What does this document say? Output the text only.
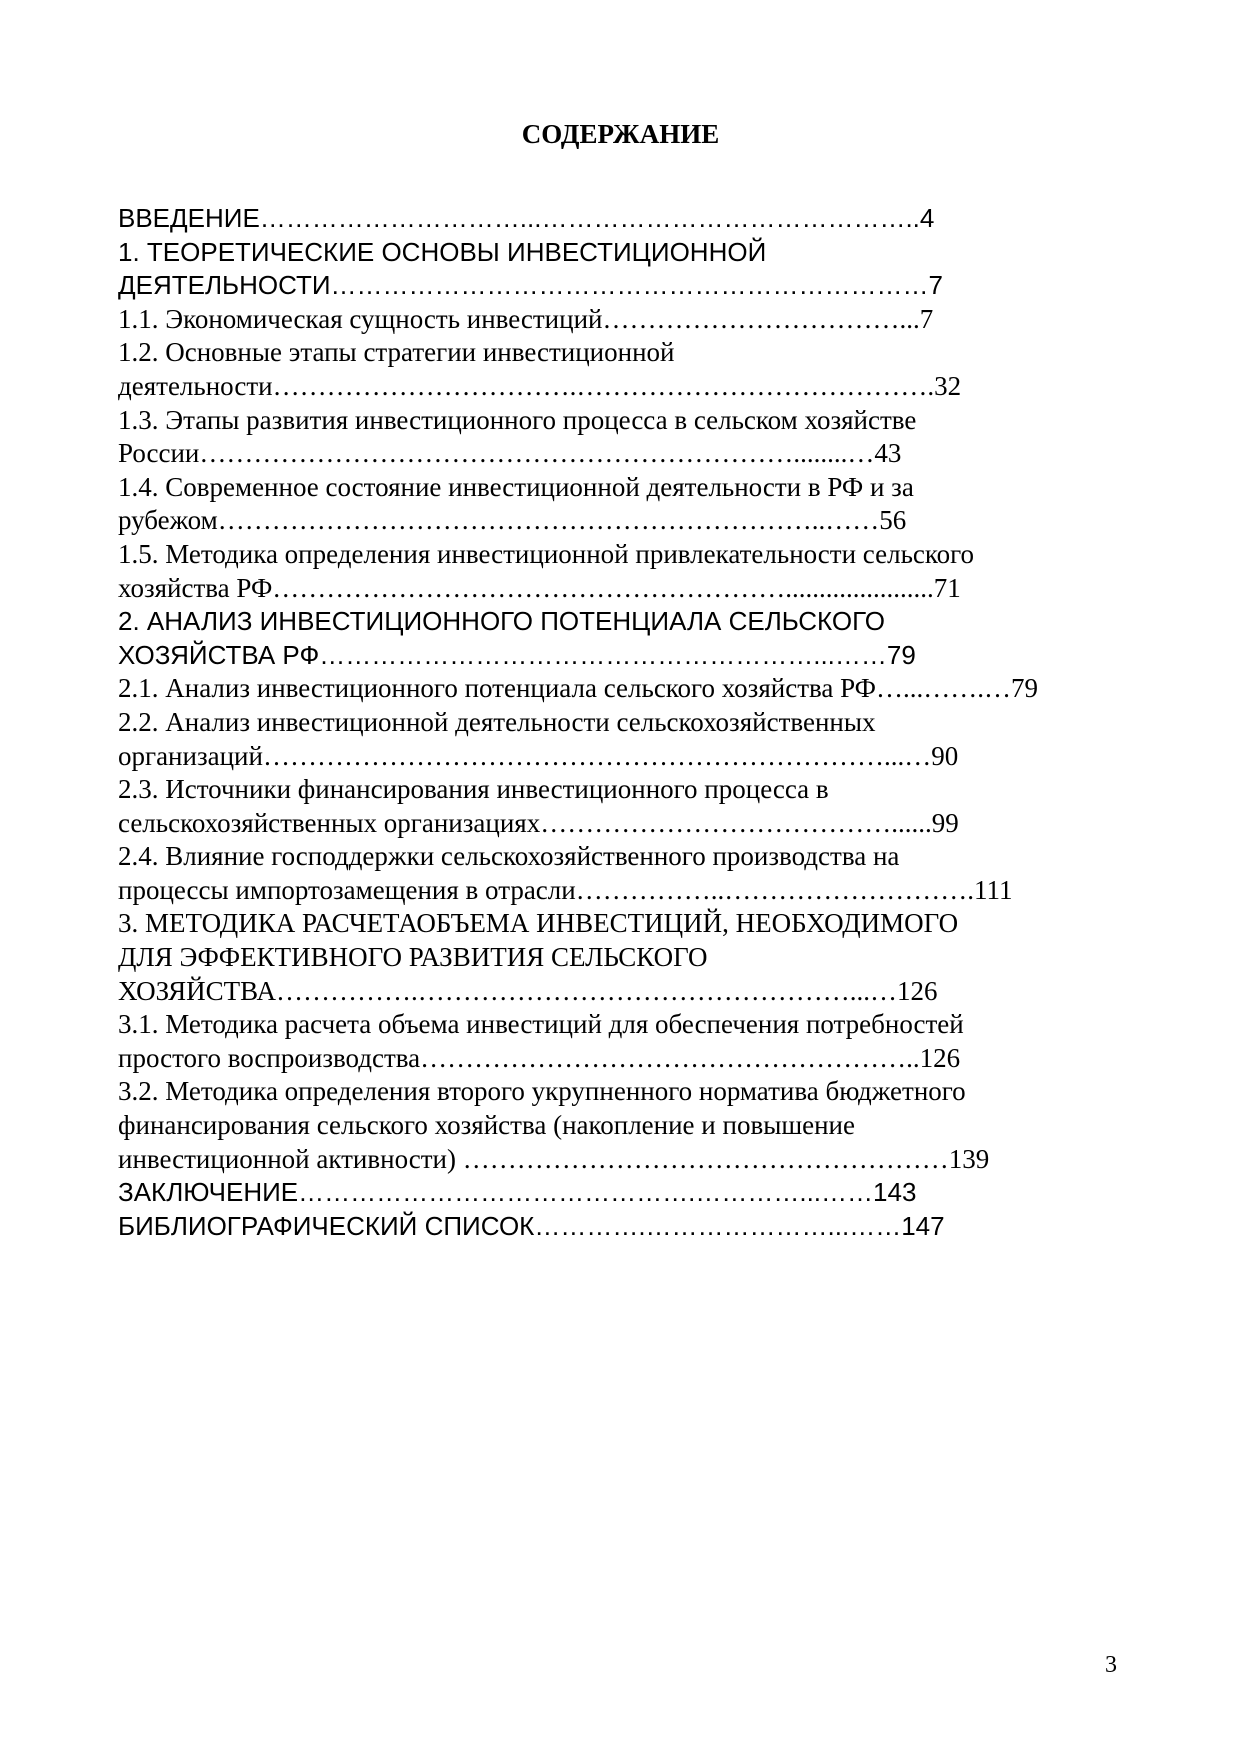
СОДЕРЖАНИЕ
ВВЕДЕНИЕ…………………………...……………………………………..4
1. ТЕОРЕТИЧЕСКИЕ ОСНОВЫ ИНВЕСТИЦИОННОЙ
ДЕЯТЕЛЬНОСТИ……………………………………………………………7
1.1. Экономическая сущность инвестиций……………………………...7
1.2. Основные этапы стратегии инвестиционной
деятельности…………………………….………………………………….32
1.3. Этапы развития инвестиционного процесса в сельском хозяйстве
России…………………………………………………………........…43
1.4. Современное состояние инвестиционной деятельности в РФ и за
рубежом…………………………………………………………..……56
1.5. Методика определения инвестиционной привлекательности сельского
хозяйства РФ…………………………………………………......................71
2. АНАЛИЗ ИНВЕСТИЦИОННОГО ПОТЕНЦИАЛА СЕЛЬСКОГО
ХОЗЯЙСТВА РФ…………………………………………………...……79
2.1. Анализ инвестиционного потенциала сельского хозяйства РФ…...…….…79
2.2. Анализ инвестиционной деятельности сельскохозяйственных
организаций……………………………………………………………...…90
2.3. Источники финансирования инвестиционного процесса в
сельскохозяйственных организациях…………………………………......99
2.4. Влияние господдержки сельскохозяйственного производства на
процессы импортозамещения в отрасли……………..……………………….111
3. МЕТОДИКА РАСЧЕТАОБЪЕМА ИНВЕСТИЦИЙ, НЕОБХОДИМОГО
ДЛЯ ЭФФЕКТИВНОГО РАЗВИТИЯ СЕЛЬСКОГО
ХОЗЯЙСТВА…………….…………………………………………...…126
3.1. Методика расчета объема инвестиций для обеспечения потребностей
простого воспроизводства………………………………………………..126
3.2. Методика определения второго укрупненного норматива бюджетного
финансирования сельского хозяйства (накопление и повышение
инвестиционной активности) ………………………………………………139
ЗАКЛЮЧЕНИЕ……………………………………….…………...……143
БИБЛИОГРАФИЧЕСКИЙ СПИСОК………….…………………...……147
3
